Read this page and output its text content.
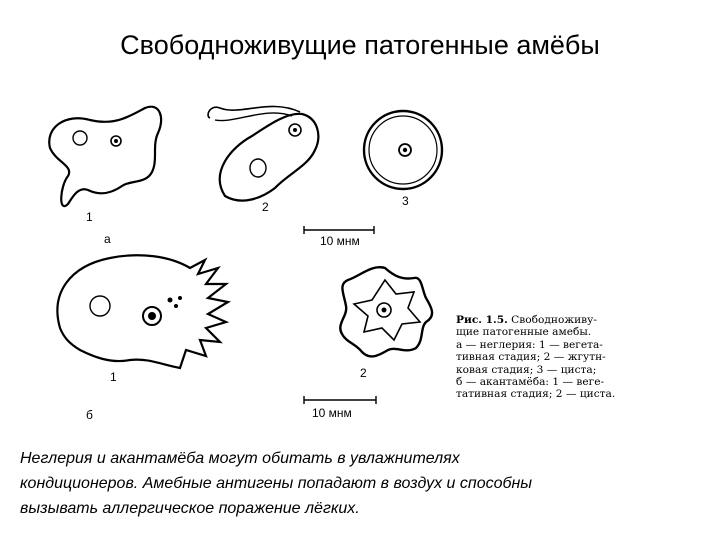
Свободноживущие патогенные амёбы
1
2	3
а	10 мнм
1	2
б	10 мнм
Рис. 1.5. Свободноживу-
щие патогенные амебы.
а — неглерия: 1 — вегета-
тивная стадия; 2 — жгутн-
ковая стадия; 3 — циста;
б — акантамёба: 1 — веге-
тативная стадия; 2 — циста.
Неглерия и акантамёба могут обитать в увлажнителях
кондиционеров. Амебные антигены попадают в воздух и способны
вызывать аллергическое поражение лёгких.
